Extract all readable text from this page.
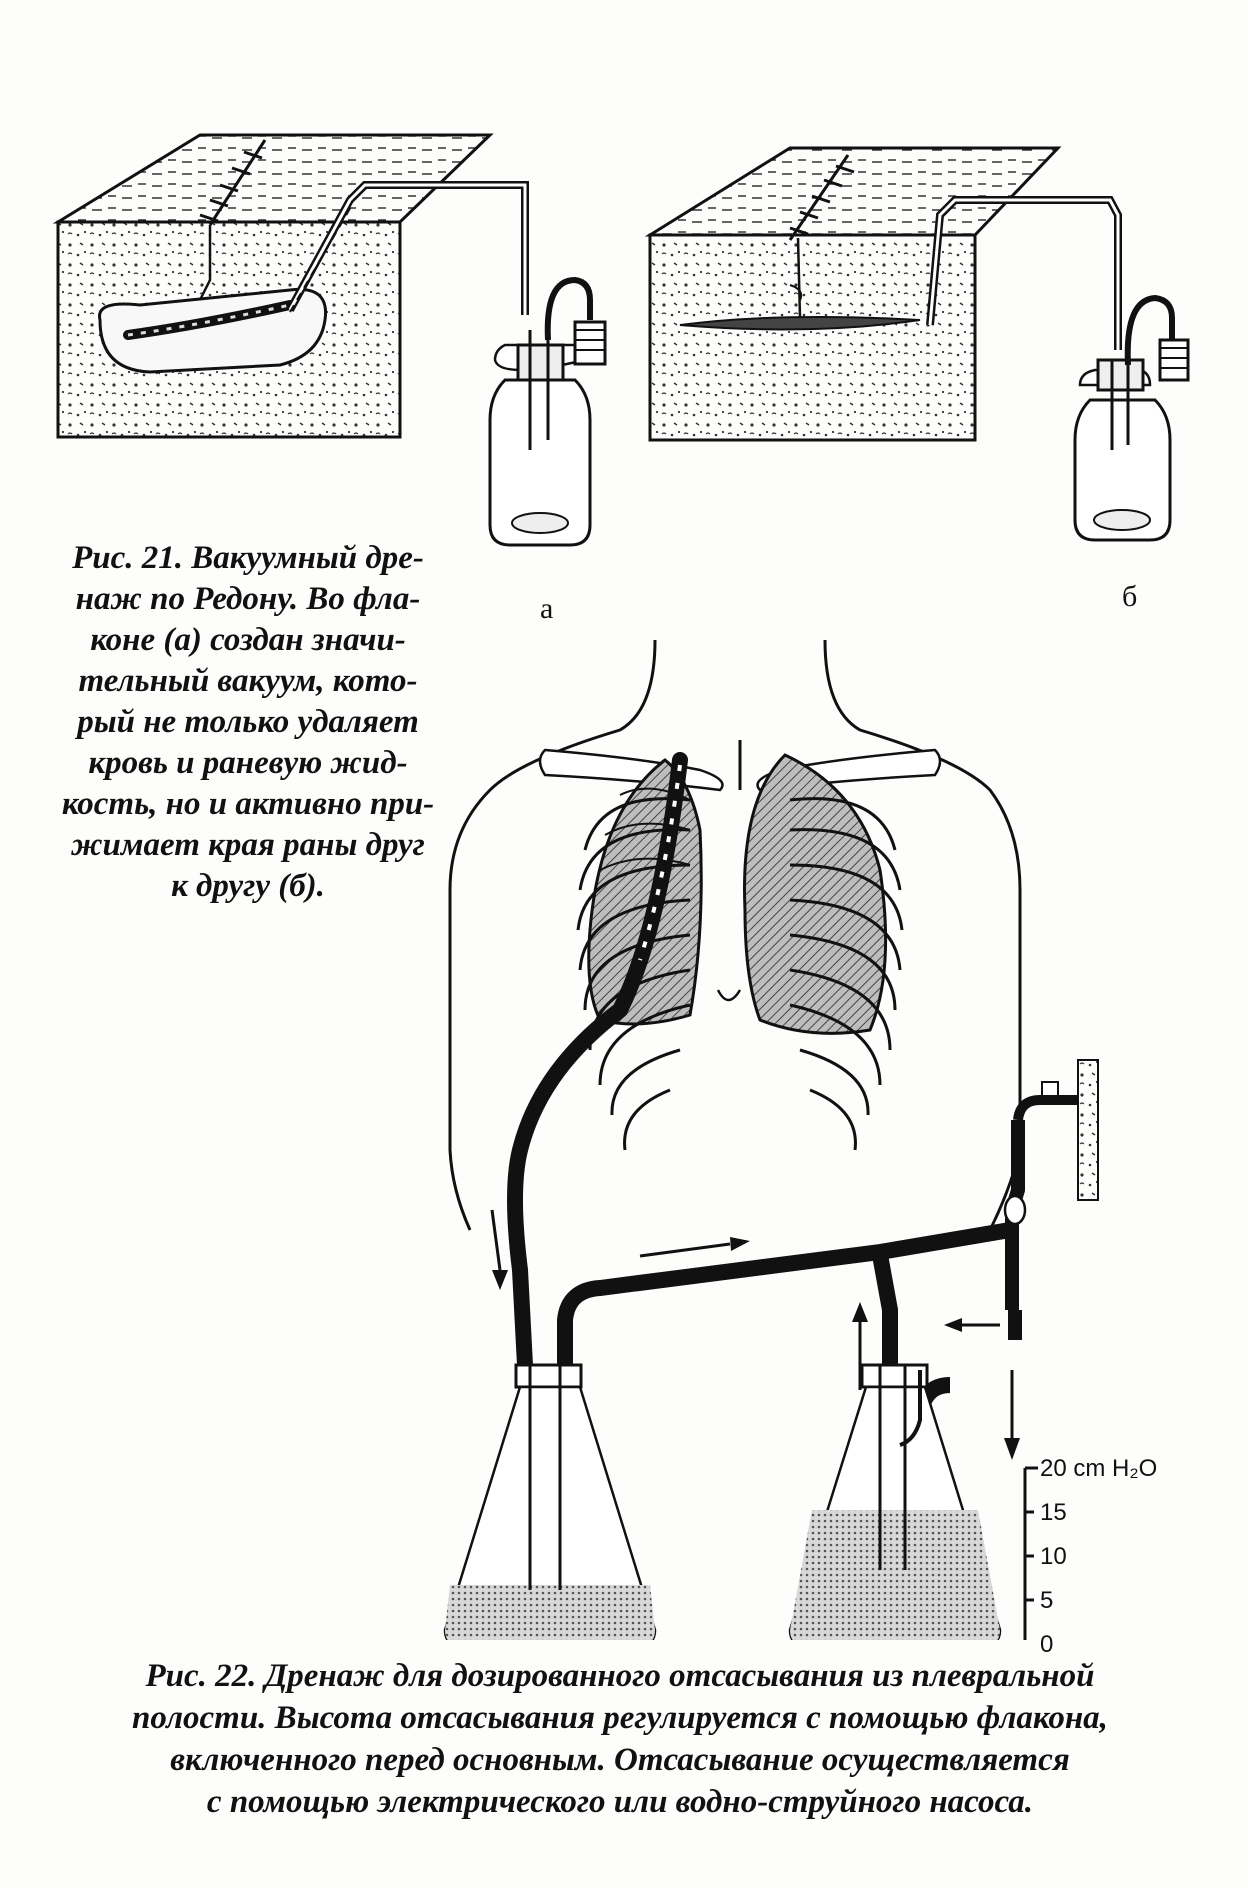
Рис. 21. Вакуумный дре-
наж по Редону. Во фла-
коне (а) создан значи-
тельный вакуум, кото-
рый не только удаляет
кровь и раневую жид-
кость, но и активно при-
жимает края раны друг
к другу (б).
а	б
20 cm H₂O
15
10
5
0
Рис. 22. Дренаж для дозированного отсасывания из плевральной
полости. Высота отсасывания регулируется с помощью флакона,
включенного перед основным. Отсасывание осуществляется
с помощью электрического или водно-струйного насоса.
